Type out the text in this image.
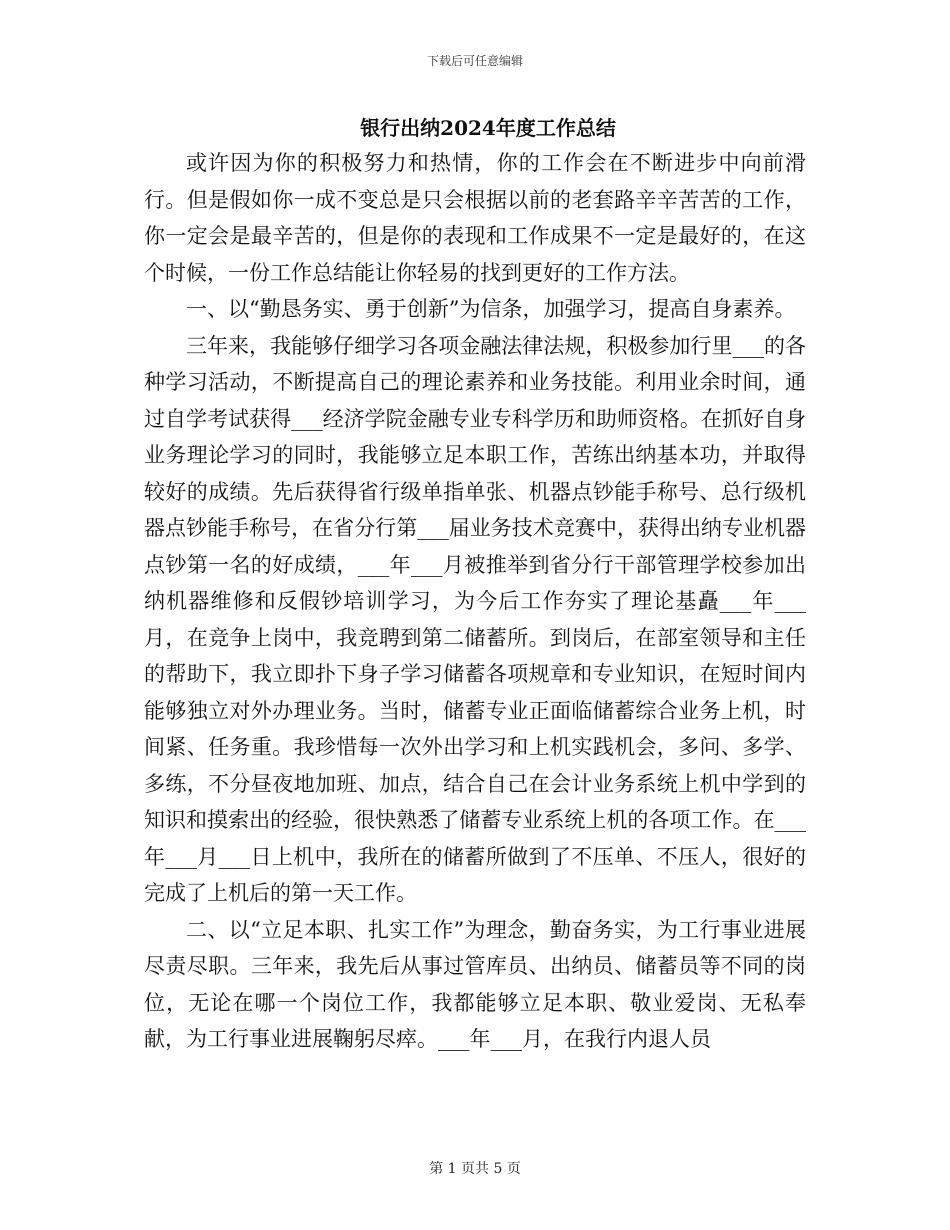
下载后可任意编辑
银行出纳2024年度工作总结

或许因为你的积极努力和热情，你的工作会在不断进步中向前滑行。但是假如你一成不变总是只会根据以前的老套路辛辛苦苦的工作，你一定会是最辛苦的，但是你的表现和工作成果不一定是最好的，在这个时候，一份工作总结能让你轻易的找到更好的工作方法。

一、以“勤恳务实、勇于创新”为信条，加强学习，提高自身素养。

三年来，我能够仔细学习各项金融法律法规，积极参加行里___的各种学习活动，不断提高自己的理论素养和业务技能。利用业余时间，通过自学考试获得___经济学院金融专业专科学历和助师资格。在抓好自身业务理论学习的同时，我能够立足本职工作，苦练出纳基本功，并取得较好的成绩。先后获得省行级单指单张、机器点钞能手称号、总行级机器点钞能手称号，在省分行第___届业务技术竞赛中，获得出纳专业机器点钞第一名的好成绩，___年___月被推举到省分行干部管理学校参加出纳机器维修和反假钞培训学习，为今后工作夯实了理论基矗___年___月，在竞争上岗中，我竞聘到第二储蓄所。到岗后，在部室领导和主任的帮助下，我立即扑下身子学习储蓄各项规章和专业知识，在短时间内能够独立对外办理业务。当时，储蓄专业正面临储蓄综合业务上机，时间紧、任务重。我珍惜每一次外出学习和上机实践机会，多问、多学、多练，不分昼夜地加班、加点，结合自己在会计业务系统上机中学到的知识和摸索出的经验，很快熟悉了储蓄专业系统上机的各项工作。在___年___月___日上机中，我所在的储蓄所做到了不压单、不压人，很好的完成了上机后的第一天工作。

二、以“立足本职、扎实工作”为理念，勤奋务实，为工行事业进展尽责尽职。三年来，我先后从事过管库员、出纳员、储蓄员等不同的岗位，无论在哪一个岗位工作，我都能够立足本职、敬业爱岗、无私奉献，为工行事业进展鞠躬尽瘁。___年___月，在我行内退人员

第 1 页共 5 页
